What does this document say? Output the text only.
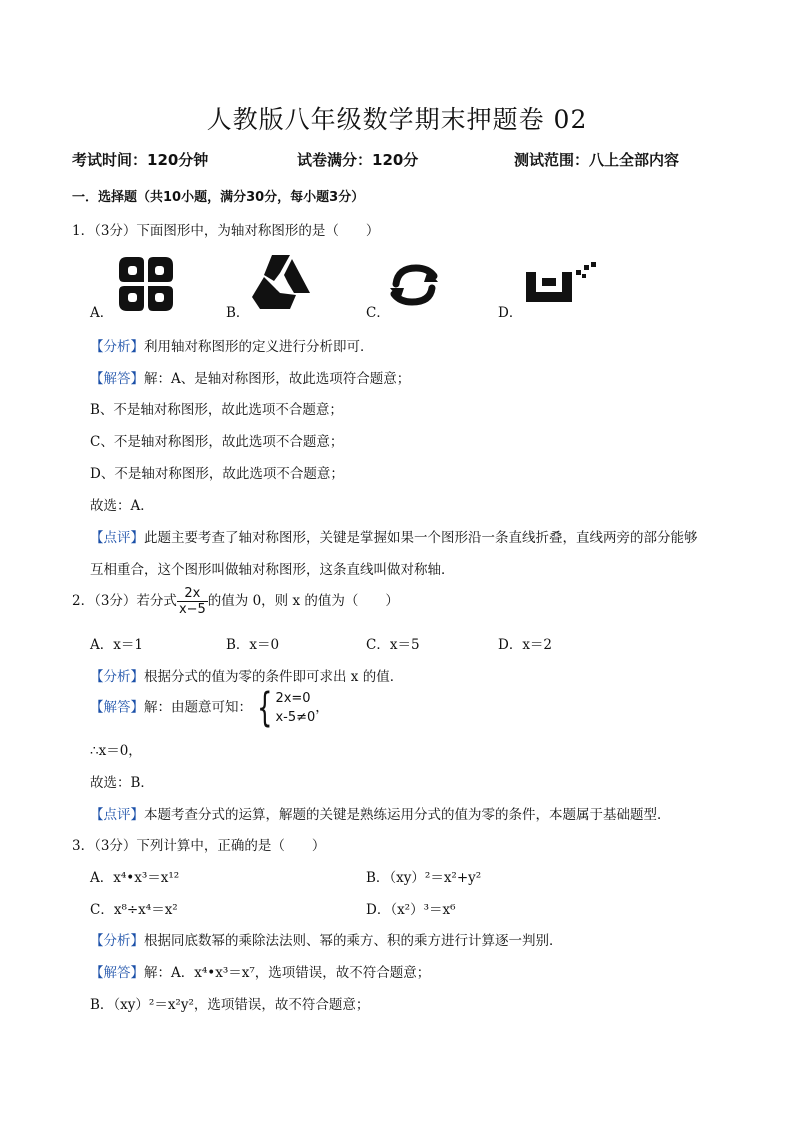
人教版八年级数学期末押题卷 02
考试时间：120分钟	试卷满分：120分	测试范围：八上全部内容
一．选择题（共10小题，满分30分，每小题3分）
1．（3分）下面图形中，为轴对称图形的是（　　）
A．	B．	C．	D．
【分析】利用轴对称图形的定义进行分析即可．
【解答】解：A、是轴对称图形，故此选项符合题意；
B、不是轴对称图形，故此选项不合题意；
C、不是轴对称图形，故此选项不合题意；
D、不是轴对称图形，故此选项不合题意；
故选：A．
【点评】此题主要考查了轴对称图形，关键是掌握如果一个图形沿一条直线折叠，直线两旁的部分能够
互相重合，这个图形叫做轴对称图形，这条直线叫做对称轴．
2．（3分）若分式 $\frac{2x}{x-5}$ 的值为 0，则 x 的值为（　　）
A．x＝1	B．x＝0	C．x＝5	D．x＝2
【分析】根据分式的值为零的条件即可求出 x 的值．
【解答】解：由题意可知： { 2x=0
x-5≠0
，
∴x＝0，
故选：B．
【点评】本题考查分式的运算，解题的关键是熟练运用分式的值为零的条件，本题属于基础题型．
3．（3分）下列计算中，正确的是（　　）
A．x⁴•x³＝x¹²	B．（xy）²＝x²+y²
C．x⁸÷x⁴＝x²	D．（x²）³＝x⁶
【分析】根据同底数幂的乘除法法则、幂的乘方、积的乘方进行计算逐一判别．
【解答】解：A．x⁴•x³＝x⁷，选项错误，故不符合题意；
B．（xy）²＝x²y²，选项错误，故不符合题意；
